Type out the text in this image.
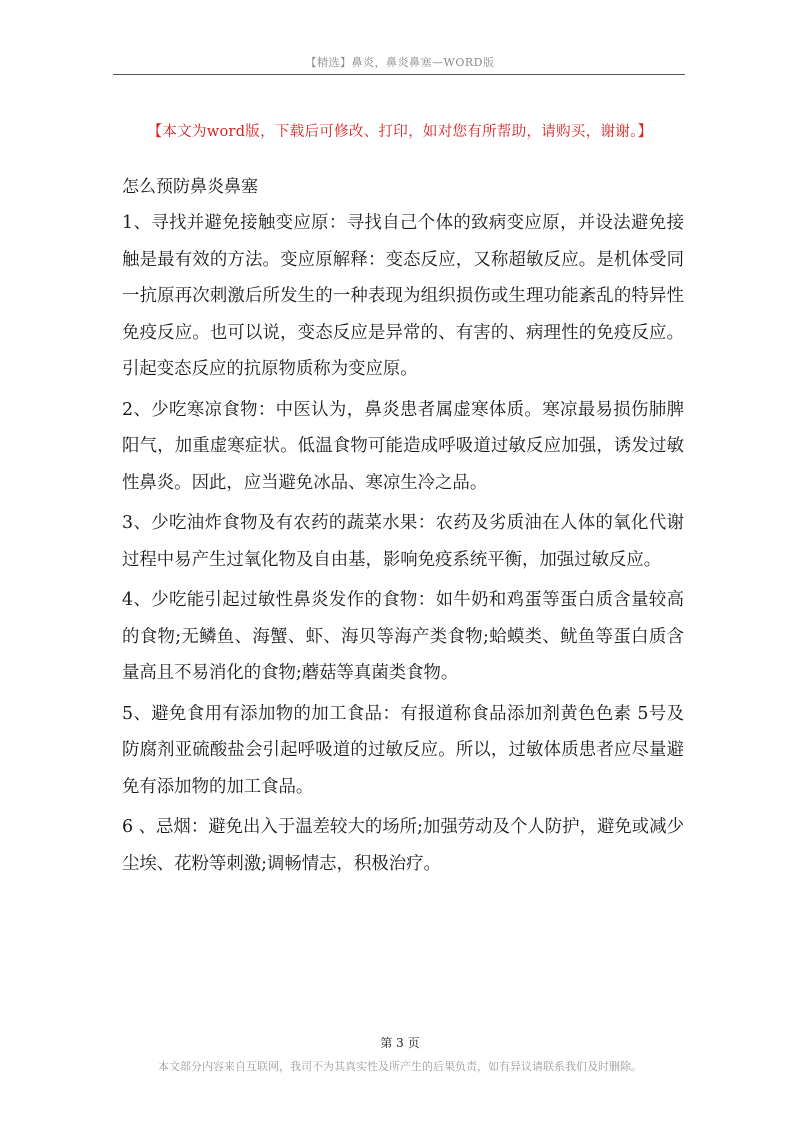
【精选】鼻炎，鼻炎鼻塞—WORD版
【本文为word版，下载后可修改、打印，如对您有所帮助，请购买，谢谢。】
怎么预防鼻炎鼻塞

1、寻找并避免接触变应原：寻找自己个体的致病变应原，并设法避免接触是最有效的方法。变应原解释：变态反应，又称超敏反应。是机体受同一抗原再次刺激后所发生的一种表现为组织损伤或生理功能紊乱的特异性免疫反应。也可以说，变态反应是异常的、有害的、病理性的免疫反应。引起变态反应的抗原物质称为变应原。

2、少吃寒凉食物：中医认为，鼻炎患者属虚寒体质。寒凉最易损伤肺脾阳气，加重虚寒症状。低温食物可能造成呼吸道过敏反应加强，诱发过敏性鼻炎。因此，应当避免冰品、寒凉生冷之品。

3、少吃油炸食物及有农药的蔬菜水果：农药及劣质油在人体的氧化代谢过程中易产生过氧化物及自由基，影响免疫系统平衡，加强过敏反应。

4、少吃能引起过敏性鼻炎发作的食物：如牛奶和鸡蛋等蛋白质含量较高的食物;无鳞鱼、海蟹、虾、海贝等海产类食物;蛤蟆类、鱿鱼等蛋白质含量高且不易消化的食物;蘑菇等真菌类食物。

5、避免食用有添加物的加工食品：有报道称食品添加剂黄色色素 5号及防腐剂亚硫酸盐会引起呼吸道的过敏反应。所以，过敏体质患者应尽量避免有添加物的加工食品。

6 、忌烟：避免出入于温差较大的场所;加强劳动及个人防护，避免或减少尘埃、花粉等刺激;调畅情志，积极治疗。

第 3 页
本文部分内容来自互联网，我司不为其真实性及所产生的后果负责，如有异议请联系我们及时删除。
